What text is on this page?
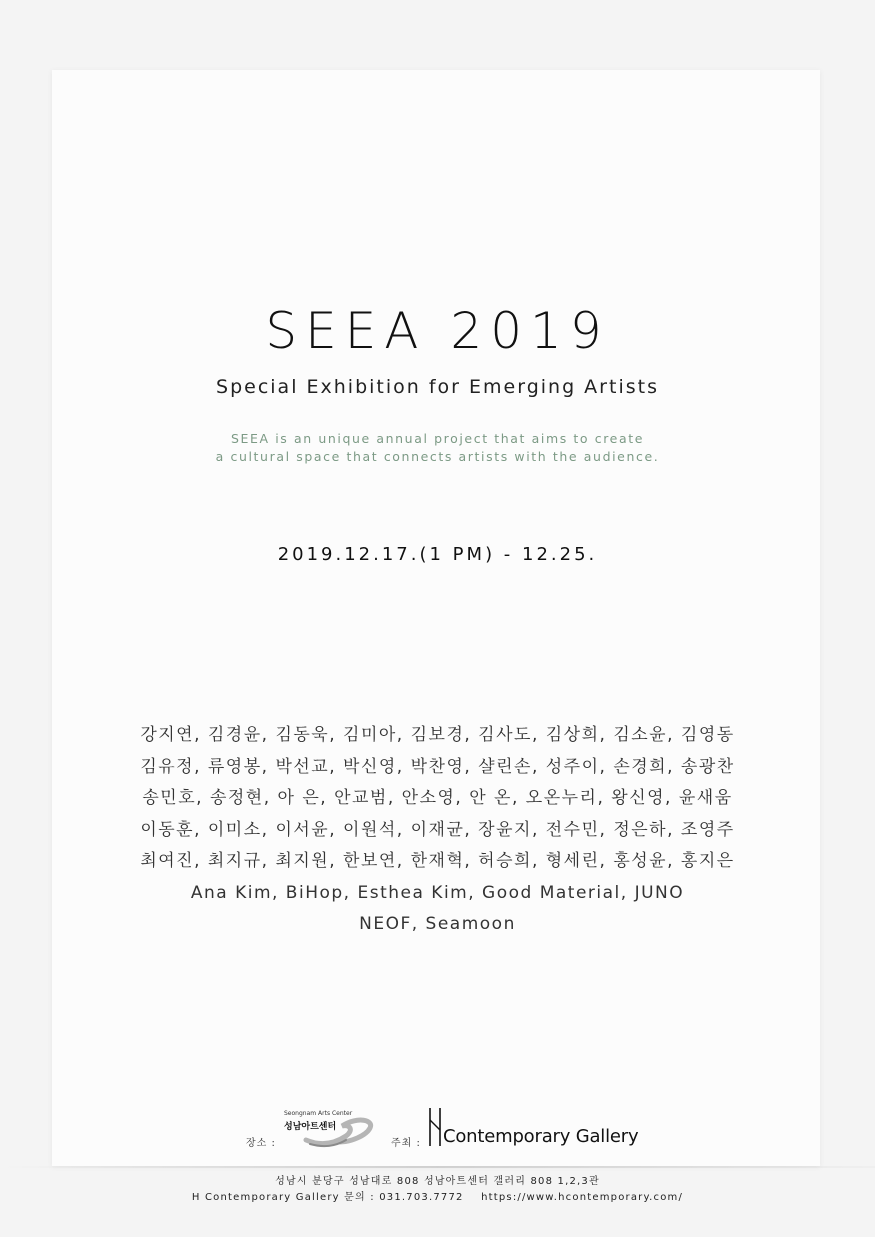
SEEA 2019
Special Exhibition for Emerging Artists
SEEA is an unique annual project that aims to create
a cultural space that connects artists with the audience.
2019.12.17.(1 PM) - 12.25.
강지연, 김경윤, 김동욱, 김미아, 김보경, 김사도, 김상희, 김소윤, 김영동
김유정, 류영봉, 박선교, 박신영, 박찬영, 샬린손, 성주이, 손경희, 송광찬
송민호, 송정현, 아 은, 안교범, 안소영, 안 온, 오온누리, 왕신영, 윤새움
이동훈, 이미소, 이서윤, 이원석, 이재균, 장윤지, 전수민, 정은하, 조영주
최여진, 최지규, 최지원, 한보연, 한재혁, 허승희, 형세린, 홍성윤, 홍지은
Ana Kim, BiHop, Esthea Kim, Good Material, JUNO
NEOF, Seamoon
장소 :
Seongnam Arts Center
성남아트센터
주최 : Contemporary Gallery
성남시 분당구 성남대로 808 성남아트센터 갤러리 808 1,2,3관
H Contemporary Gallery 문의 : 031.703.7772    https://www.hcontemporary.com/
